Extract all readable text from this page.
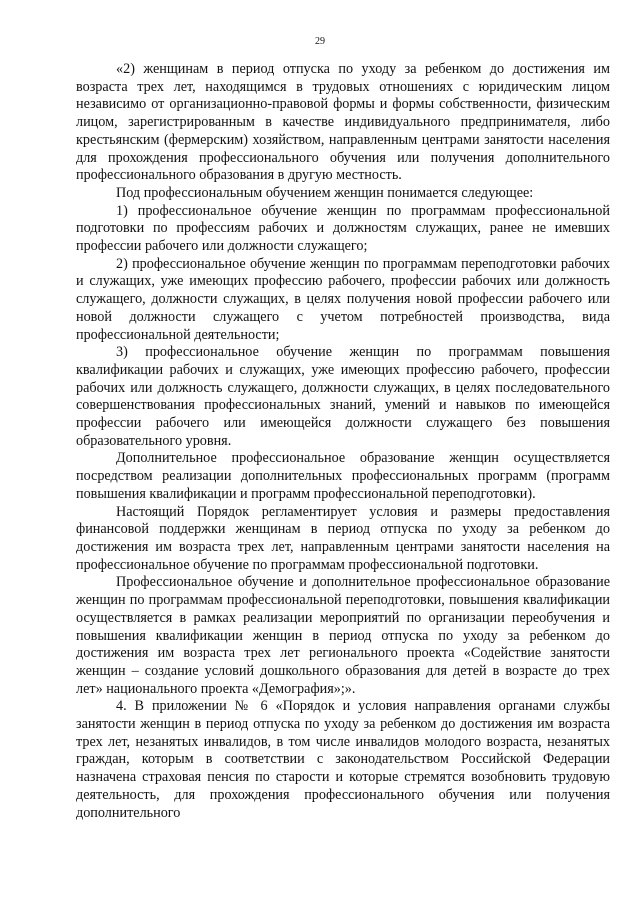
29

«2) женщинам в период отпуска по уходу за ребенком до достижения им возраста трех лет, находящимся в трудовых отношениях с юридическим лицом независимо от организационно-правовой формы и формы собственности, физическим лицом, зарегистрированным в качестве индивидуального предпринимателя, либо крестьянским (фермерским) хозяйством, направленным центрами занятости населения для прохождения профессионального обучения или получения дополнительного профессионального образования в другую местность.

Под профессиональным обучением женщин понимается следующее:

1) профессиональное обучение женщин по программам профессиональной подготовки по профессиям рабочих и должностям служащих, ранее не имевших профессии рабочего или должности служащего;

2) профессиональное обучение женщин по программам переподготовки рабочих и служащих, уже имеющих профессию рабочего, профессии рабочих или должность служащего, должности служащих, в целях получения новой профессии рабочего или новой должности служащего с учетом потребностей производства, вида профессиональной деятельности;

3) профессиональное обучение женщин по программам повышения квалификации рабочих и служащих, уже имеющих профессию рабочего, профессии рабочих или должность служащего, должности служащих, в целях последовательного совершенствования профессиональных знаний, умений и навыков по имеющейся профессии рабочего или имеющейся должности служащего без повышения образовательного уровня.

Дополнительное профессиональное образование женщин осуществляется посредством реализации дополнительных профессиональных программ (программ повышения квалификации и программ профессиональной переподготовки).

Настоящий Порядок регламентирует условия и размеры предоставления финансовой поддержки женщинам в период отпуска по уходу за ребенком до достижения им возраста трех лет, направленным центрами занятости населения на профессиональное обучение по программам профессиональной подготовки.

Профессиональное обучение и дополнительное профессиональное образование женщин по программам профессиональной переподготовки, повышения квалификации осуществляется в рамках реализации мероприятий по организации переобучения и повышения квалификации женщин в период отпуска по уходу за ребенком до достижения им возраста трех лет регионального проекта «Содействие занятости женщин – создание условий дошкольного образования для детей в возрасте до трех лет» национального проекта «Демография»;».

4. В приложении № 6 «Порядок и условия направления органами службы занятости женщин в период отпуска по уходу за ребенком до достижения им возраста трех лет, незанятых инвалидов, в том числе инвалидов молодого возраста, незанятых граждан, которым в соответствии с законодательством Российской Федерации назначена страховая пенсия по старости и которые стремятся возобновить трудовую деятельность, для прохождения профессионального обучения или получения дополнительного
